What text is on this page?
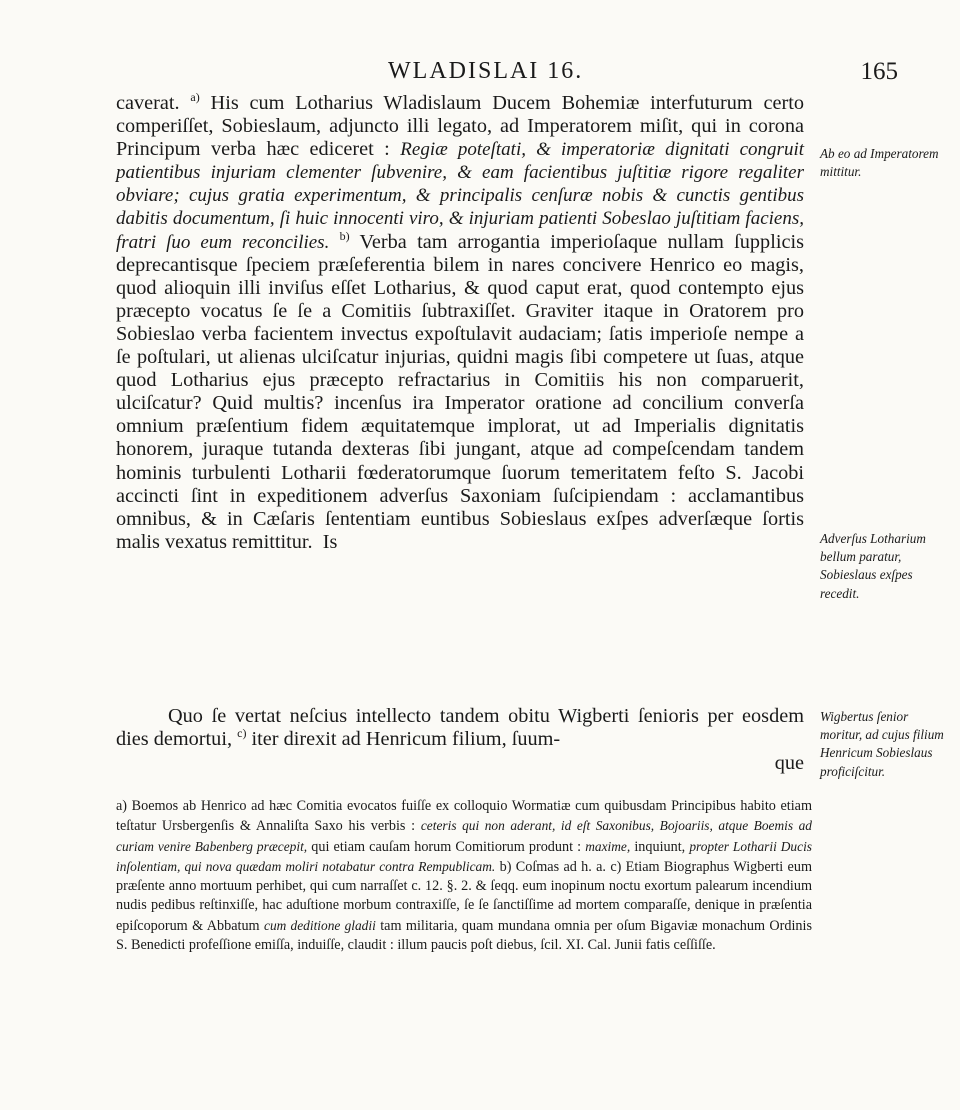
WLADISLAI 16.	165

caverat. $^{a)}$ His cum Lotharius Wladislaum Ducem Bohemiæ interfuturum certo comperiſſet, Sobieslaum, adjuncto illi legato, ad Imperatorem miſit, qui in corona Principum verba hæc ediceret : Regiæ poteſtati, & imperatoriæ dignitati congruit patientibus injuriam clementer ſubvenire, & eam facientibus juſtitiæ rigore regaliter obviare; cujus gratia experimentum, & principalis cenſuræ nobis & cunctis gentibus dabitis documentum, ſi huic innocenti viro, & injuriam patienti Sobeslao juſtitiam faciens, fratri ſuo eum reconcilies. $^{b)}$ Verba tam arrogantia imperioſaque nullam ſupplicis deprecantisque ſpeciem præſeferentia bilem in nares concivere Henrico eo magis, quod alioquin illi inviſus eſſet Lotharius, & quod caput erat, quod contempto ejus præcepto vocatus ſe ſe a Comitiis ſubtraxiſſet. Graviter itaque in Oratorem pro Sobieslao verba facientem invectus expoſtulavit audaciam; ſatis imperioſe nempe a ſe poſtulari, ut alienas ulciſcatur injurias, quidni magis ſibi competere ut ſuas, atque quod Lotharius ejus præcepto refractarius in Comitiis his non comparuerit, ulciſcatur? Quid multis? incenſus ira Imperator oratione ad concilium converſa omnium præſentium fidem æquitatemque implorat, ut ad Imperialis dignitatis honorem, juraque tutanda dexteras ſibi jungant, atque ad compeſcendam tandem hominis turbulenti Lotharii fœderatorumque ſuorum temeritatem feſto S. Jacobi accincti ſint in expeditionem adverſus Saxoniam ſuſcipiendam : acclamantibus omnibus, & in Cæſaris ſententiam euntibus Sobieslaus exſpes adverſæque ſortis malis vexatus remittitur. Is

Quo ſe vertat neſcius intellecto tandem obitu Wigberti ſenioris per eosdem dies demortui, $^{c)}$ iter direxit ad Henricum filium, ſuum-

que

a) Boemos ab Henrico ad hæc Comitia evocatos fuiſſe ex colloquio Wormatiæ cum quibusdam Principibus habito etiam teſtatur Ursbergenſis & Annaliſta Saxo his verbis : ceteris qui non aderant, id eſt Saxonibus, Bojoariis, atque Boemis ad curiam venire Babenberg præcepit, qui etiam cauſam horum Comitiorum produnt : maxime, inquiunt, propter Lotharii Ducis inſolentiam, qui nova quædam moliri notabatur contra Rempublicam. b) Coſmas ad h. a. c) Etiam Biographus Wigberti eum præſente anno mortuum perhibet, qui cum narraſſet c. 12. §. 2. & ſeqq. eum inopinum noctu exortum palearum incendium nudis pedibus reſtinxiſſe, hac aduſtione morbum contraxiſſe, ſe ſe ſanctiſſime ad mortem comparaſſe, denique in præſentia epiſcoporum & Abbatum cum deditione gladii tam militaria, quam mundana omnia per oſum Bigaviæ monachum Ordinis S. Benedicti profeſſione emiſſa, induiſſe, claudit : illum paucis poſt diebus, ſcil. XI. Cal. Junii fatis ceſſiſſe.

Ab eo ad Imperatorem mittitur.
Adverſus Lotharium bellum paratur, Sobieslaus exſpes recedit.
Wigbertus ſenior moritur, ad cujus filium Henricum Sobieslaus proficiſcitur.
